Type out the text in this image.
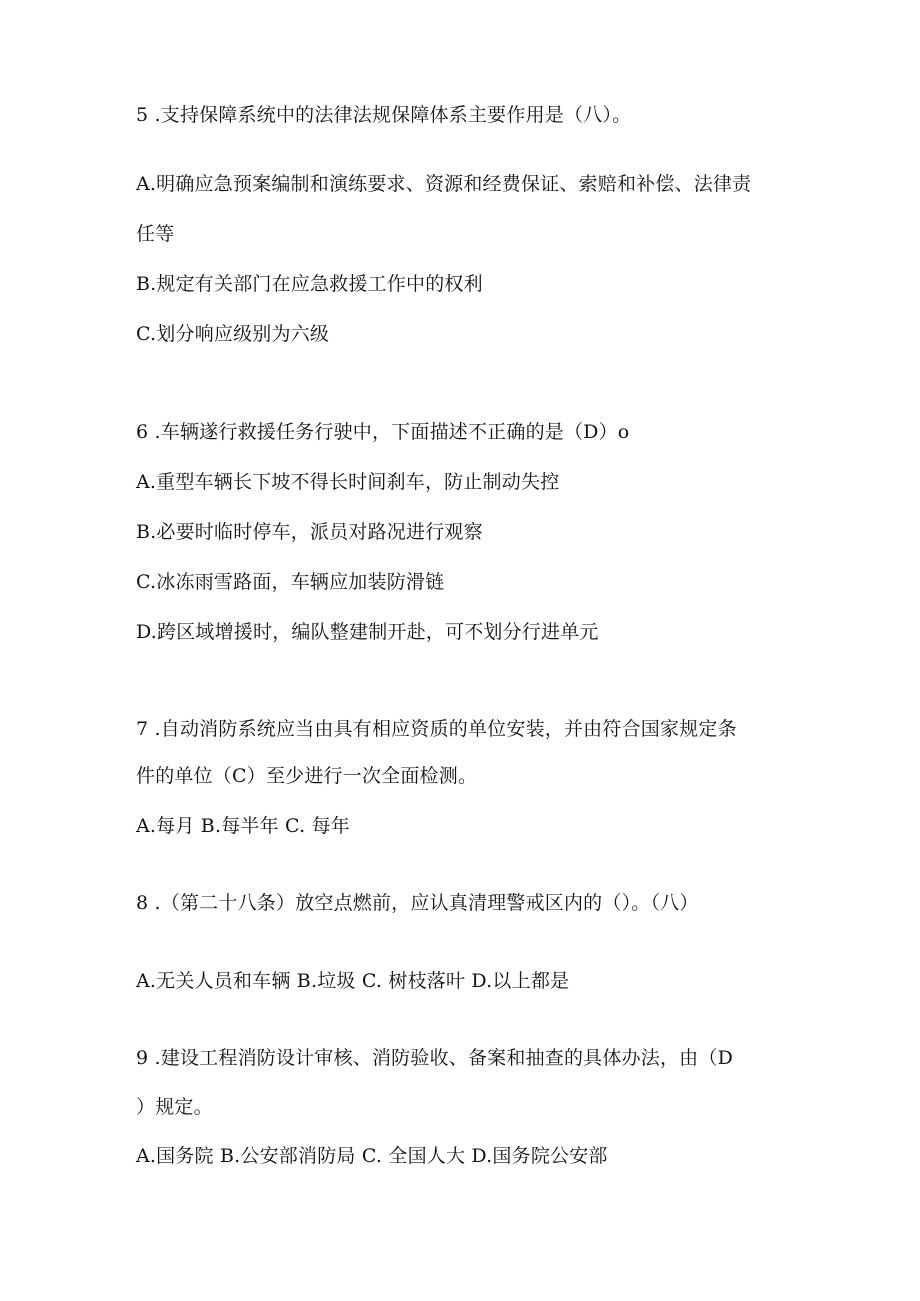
5 .支持保障系统中的法律法规保障体系主要作用是（八）。
A.明确应急预案编制和演练要求、资源和经费保证、索赔和补偿、法律责
任等
B.规定有关部门在应急救援工作中的权利
C.划分响应级别为六级
6 .车辆遂行救援任务行驶中，下面描述不正确的是（D）o
A.重型车辆长下坡不得长时间刹车，防止制动失控
B.必要时临时停车，派员对路况进行观察
C.冰冻雨雪路面，车辆应加装防滑链
D.跨区域增援时，编队整建制开赴，可不划分行进单元
7 .自动消防系统应当由具有相应资质的单位安装，并由符合国家规定条
件的单位（C）至少进行一次全面检测。
A.每月 B.每半年 C. 每年
8 .（第二十八条）放空点燃前，应认真清理警戒区内的（）。（八）
A.无关人员和车辆 B.垃圾 C. 树枝落叶 D.以上都是
9 .建设工程消防设计审核、消防验收、备案和抽查的具体办法，由（D
）规定。
A.国务院 B.公安部消防局 C. 全国人大 D.国务院公安部
